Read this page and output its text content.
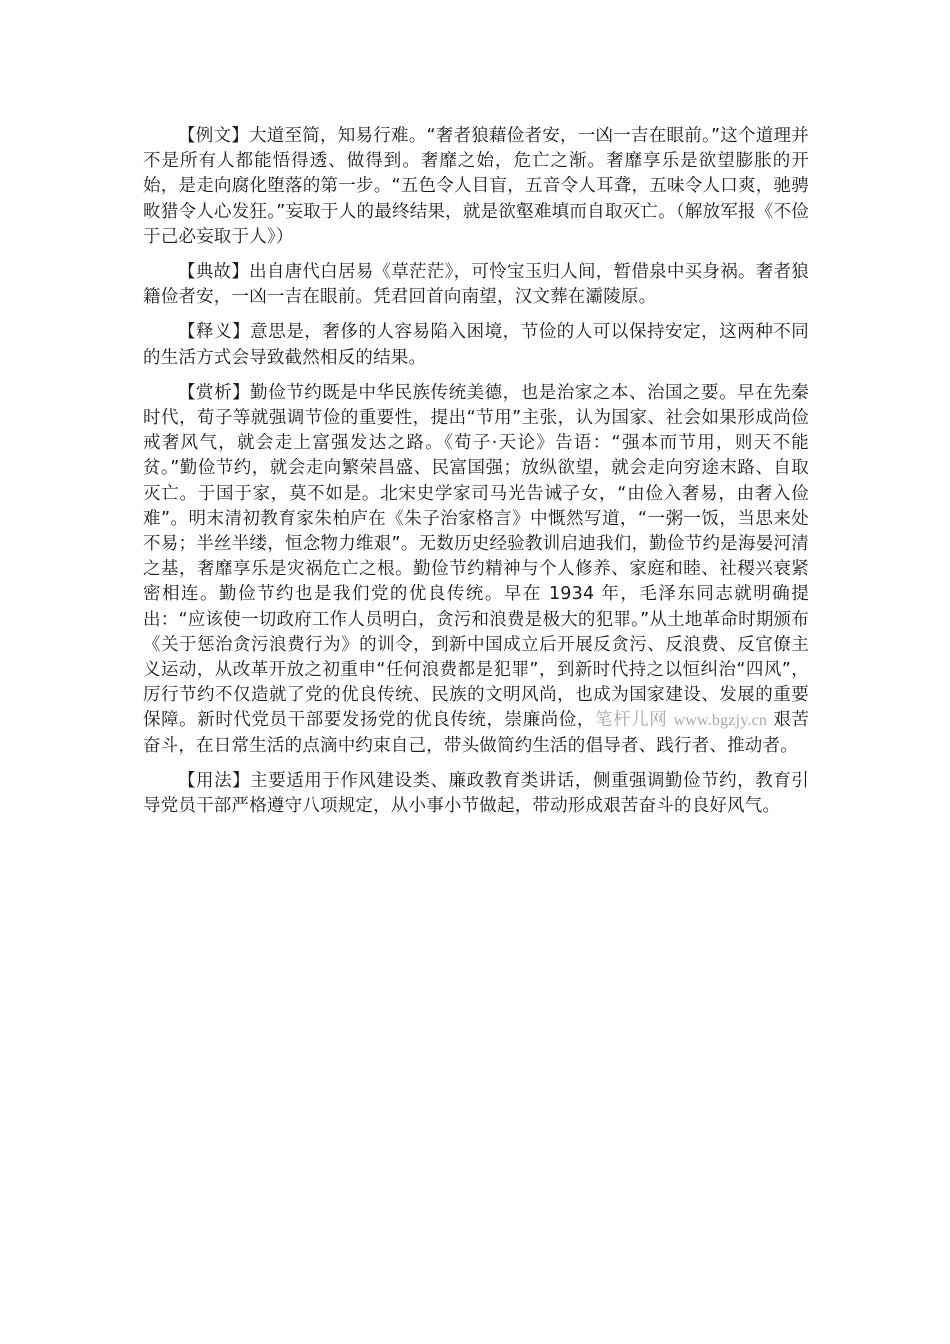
【例文】大道至简，知易行难。“奢者狼藉俭者安，一凶一吉在眼前。”这个道理并不是所有人都能悟得透、做得到。奢靡之始，危亡之渐。奢靡享乐是欲望膨胀的开始，是走向腐化堕落的第一步。“五色令人目盲，五音令人耳聋，五味令人口爽，驰骋畋猎令人心发狂。”妄取于人的最终结果，就是欲壑难填而自取灭亡。（解放军报《不俭于己必妄取于人》）

【典故】出自唐代白居易《草茫茫》，可怜宝玉归人间，暂借泉中买身祸。奢者狼籍俭者安，一凶一吉在眼前。凭君回首向南望，汉文葬在灞陵原。

【释义】意思是，奢侈的人容易陷入困境，节俭的人可以保持安定，这两种不同的生活方式会导致截然相反的结果。

【赏析】勤俭节约既是中华民族传统美德，也是治家之本、治国之要。早在先秦时代，荀子等就强调节俭的重要性，提出“节用”主张，认为国家、社会如果形成尚俭戒奢风气，就会走上富强发达之路。《荀子·天论》告语：“强本而节用，则天不能贫。”勤俭节约，就会走向繁荣昌盛、民富国强；放纵欲望，就会走向穷途末路、自取灭亡。于国于家，莫不如是。北宋史学家司马光告诫子女，“由俭入奢易，由奢入俭难”。明末清初教育家朱柏庐在《朱子治家格言》中慨然写道，“一粥一饭，当思来处不易；半丝半缕，恒念物力维艰”。无数历史经验教训启迪我们，勤俭节约是海晏河清之基，奢靡享乐是灾祸危亡之根。勤俭节约精神与个人修养、家庭和睦、社稷兴衰紧密相连。勤俭节约也是我们党的优良传统。早在 1934 年，毛泽东同志就明确提出：“应该使一切政府工作人员明白，贪污和浪费是极大的犯罪。”从土地革命时期颁布《关于惩治贪污浪费行为》的训令，到新中国成立后开展反贪污、反浪费、反官僚主义运动，从改革开放之初重申“任何浪费都是犯罪”，到新时代持之以恒纠治“四风”，厉行节约不仅造就了党的优良传统、民族的文明风尚，也成为国家建设、发展的重要保障。新时代党员干部要发扬党的优良传统，崇廉尚俭，笔杆儿网 www.bgzjy.cn 艰苦奋斗，在日常生活的点滴中约束自己，带头做简约生活的倡导者、践行者、推动者。

【用法】主要适用于作风建设类、廉政教育类讲话，侧重强调勤俭节约，教育引导党员干部严格遵守八项规定，从小事小节做起，带动形成艰苦奋斗的良好风气。
